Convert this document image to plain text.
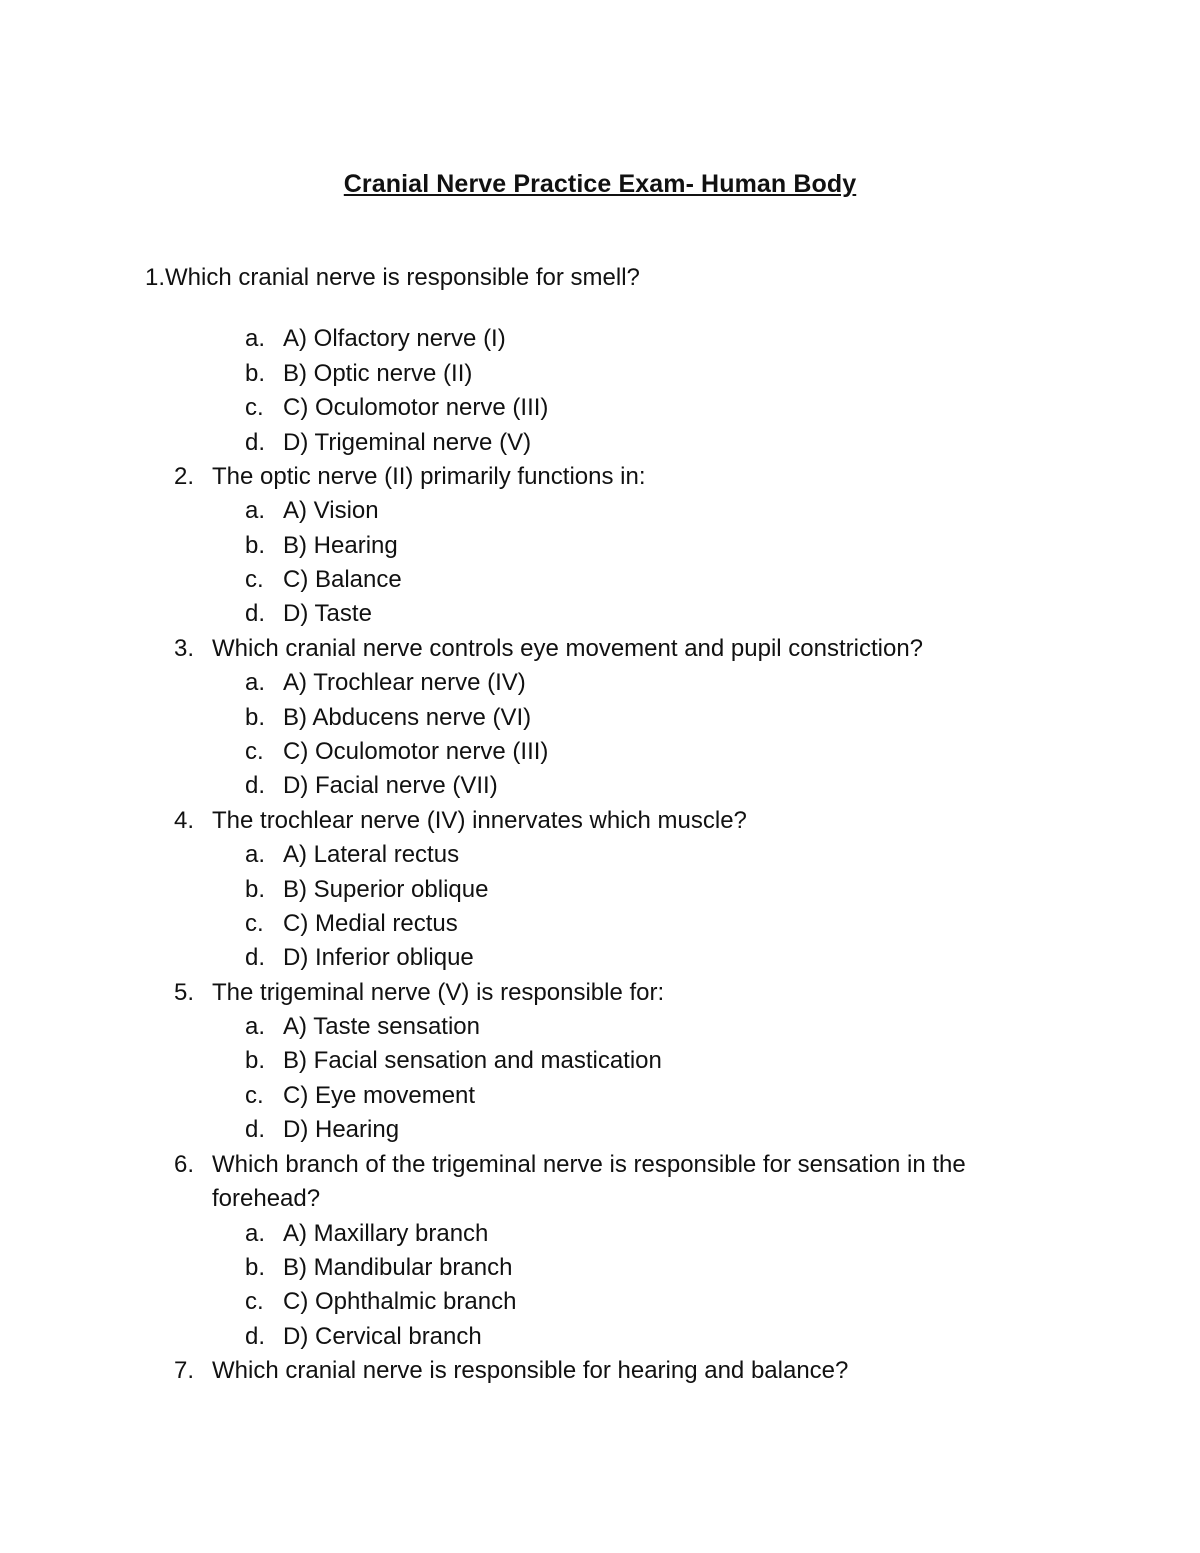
Cranial Nerve Practice Exam- Human Body
1.Which cranial nerve is responsible for smell?
a. A) Olfactory nerve (I)
b. B) Optic nerve (II)
c. C) Oculomotor nerve (III)
d. D) Trigeminal nerve (V)
2. The optic nerve (II) primarily functions in:
a. A) Vision
b. B) Hearing
c. C) Balance
d. D) Taste
3. Which cranial nerve controls eye movement and pupil constriction?
a. A) Trochlear nerve (IV)
b. B) Abducens nerve (VI)
c. C) Oculomotor nerve (III)
d. D) Facial nerve (VII)
4. The trochlear nerve (IV) innervates which muscle?
a. A) Lateral rectus
b. B) Superior oblique
c. C) Medial rectus
d. D) Inferior oblique
5. The trigeminal nerve (V) is responsible for:
a. A) Taste sensation
b. B) Facial sensation and mastication
c. C) Eye movement
d. D) Hearing
6. Which branch of the trigeminal nerve is responsible for sensation in the
forehead?
a. A) Maxillary branch
b. B) Mandibular branch
c. C) Ophthalmic branch
d. D) Cervical branch
7. Which cranial nerve is responsible for hearing and balance?
